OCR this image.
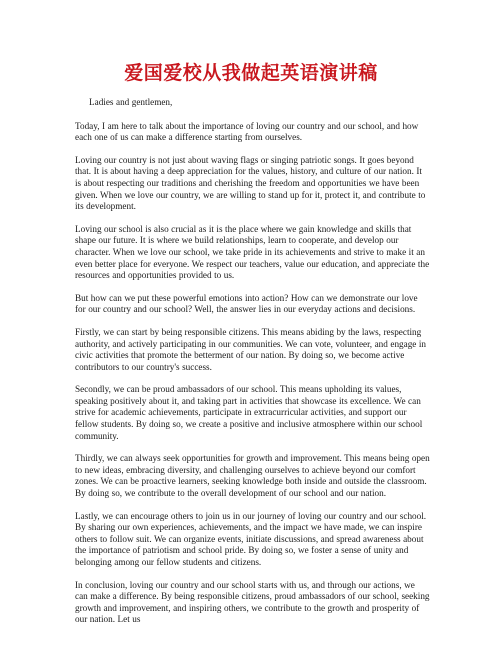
爱国爱校从我做起英语演讲稿

Ladies and gentlemen,

Today, I am here to talk about the importance of loving our country and our school, and how each one of us can make a difference starting from ourselves.

Loving our country is not just about waving flags or singing patriotic songs. It goes beyond that. It is about having a deep appreciation for the values, history, and culture of our nation. It is about respecting our traditions and cherishing the freedom and opportunities we have been given. When we love our country, we are willing to stand up for it, protect it, and contribute to its development.

Loving our school is also crucial as it is the place where we gain knowledge and skills that shape our future. It is where we build relationships, learn to cooperate, and develop our character. When we love our school, we take pride in its achievements and strive to make it an even better place for everyone. We respect our teachers, value our education, and appreciate the resources and opportunities provided to us.

But how can we put these powerful emotions into action? How can we demonstrate our love for our country and our school? Well, the answer lies in our everyday actions and decisions.

Firstly, we can start by being responsible citizens. This means abiding by the laws, respecting authority, and actively participating in our communities. We can vote, volunteer, and engage in civic activities that promote the betterment of our nation. By doing so, we become active contributors to our country's success.

Secondly, we can be proud ambassadors of our school. This means upholding its values, speaking positively about it, and taking part in activities that showcase its excellence. We can strive for academic achievements, participate in extracurricular activities, and support our fellow students. By doing so, we create a positive and inclusive atmosphere within our school community.

Thirdly, we can always seek opportunities for growth and improvement. This means being open to new ideas, embracing diversity, and challenging ourselves to achieve beyond our comfort zones. We can be proactive learners, seeking knowledge both inside and outside the classroom. By doing so, we contribute to the overall development of our school and our nation.

Lastly, we can encourage others to join us in our journey of loving our country and our school. By sharing our own experiences, achievements, and the impact we have made, we can inspire others to follow suit. We can organize events, initiate discussions, and spread awareness about the importance of patriotism and school pride. By doing so, we foster a sense of unity and belonging among our fellow students and citizens.

In conclusion, loving our country and our school starts with us, and through our actions, we can make a difference. By being responsible citizens, proud ambassadors of our school, seeking growth and improvement, and inspiring others, we contribute to the growth and prosperity of our nation. Let us
